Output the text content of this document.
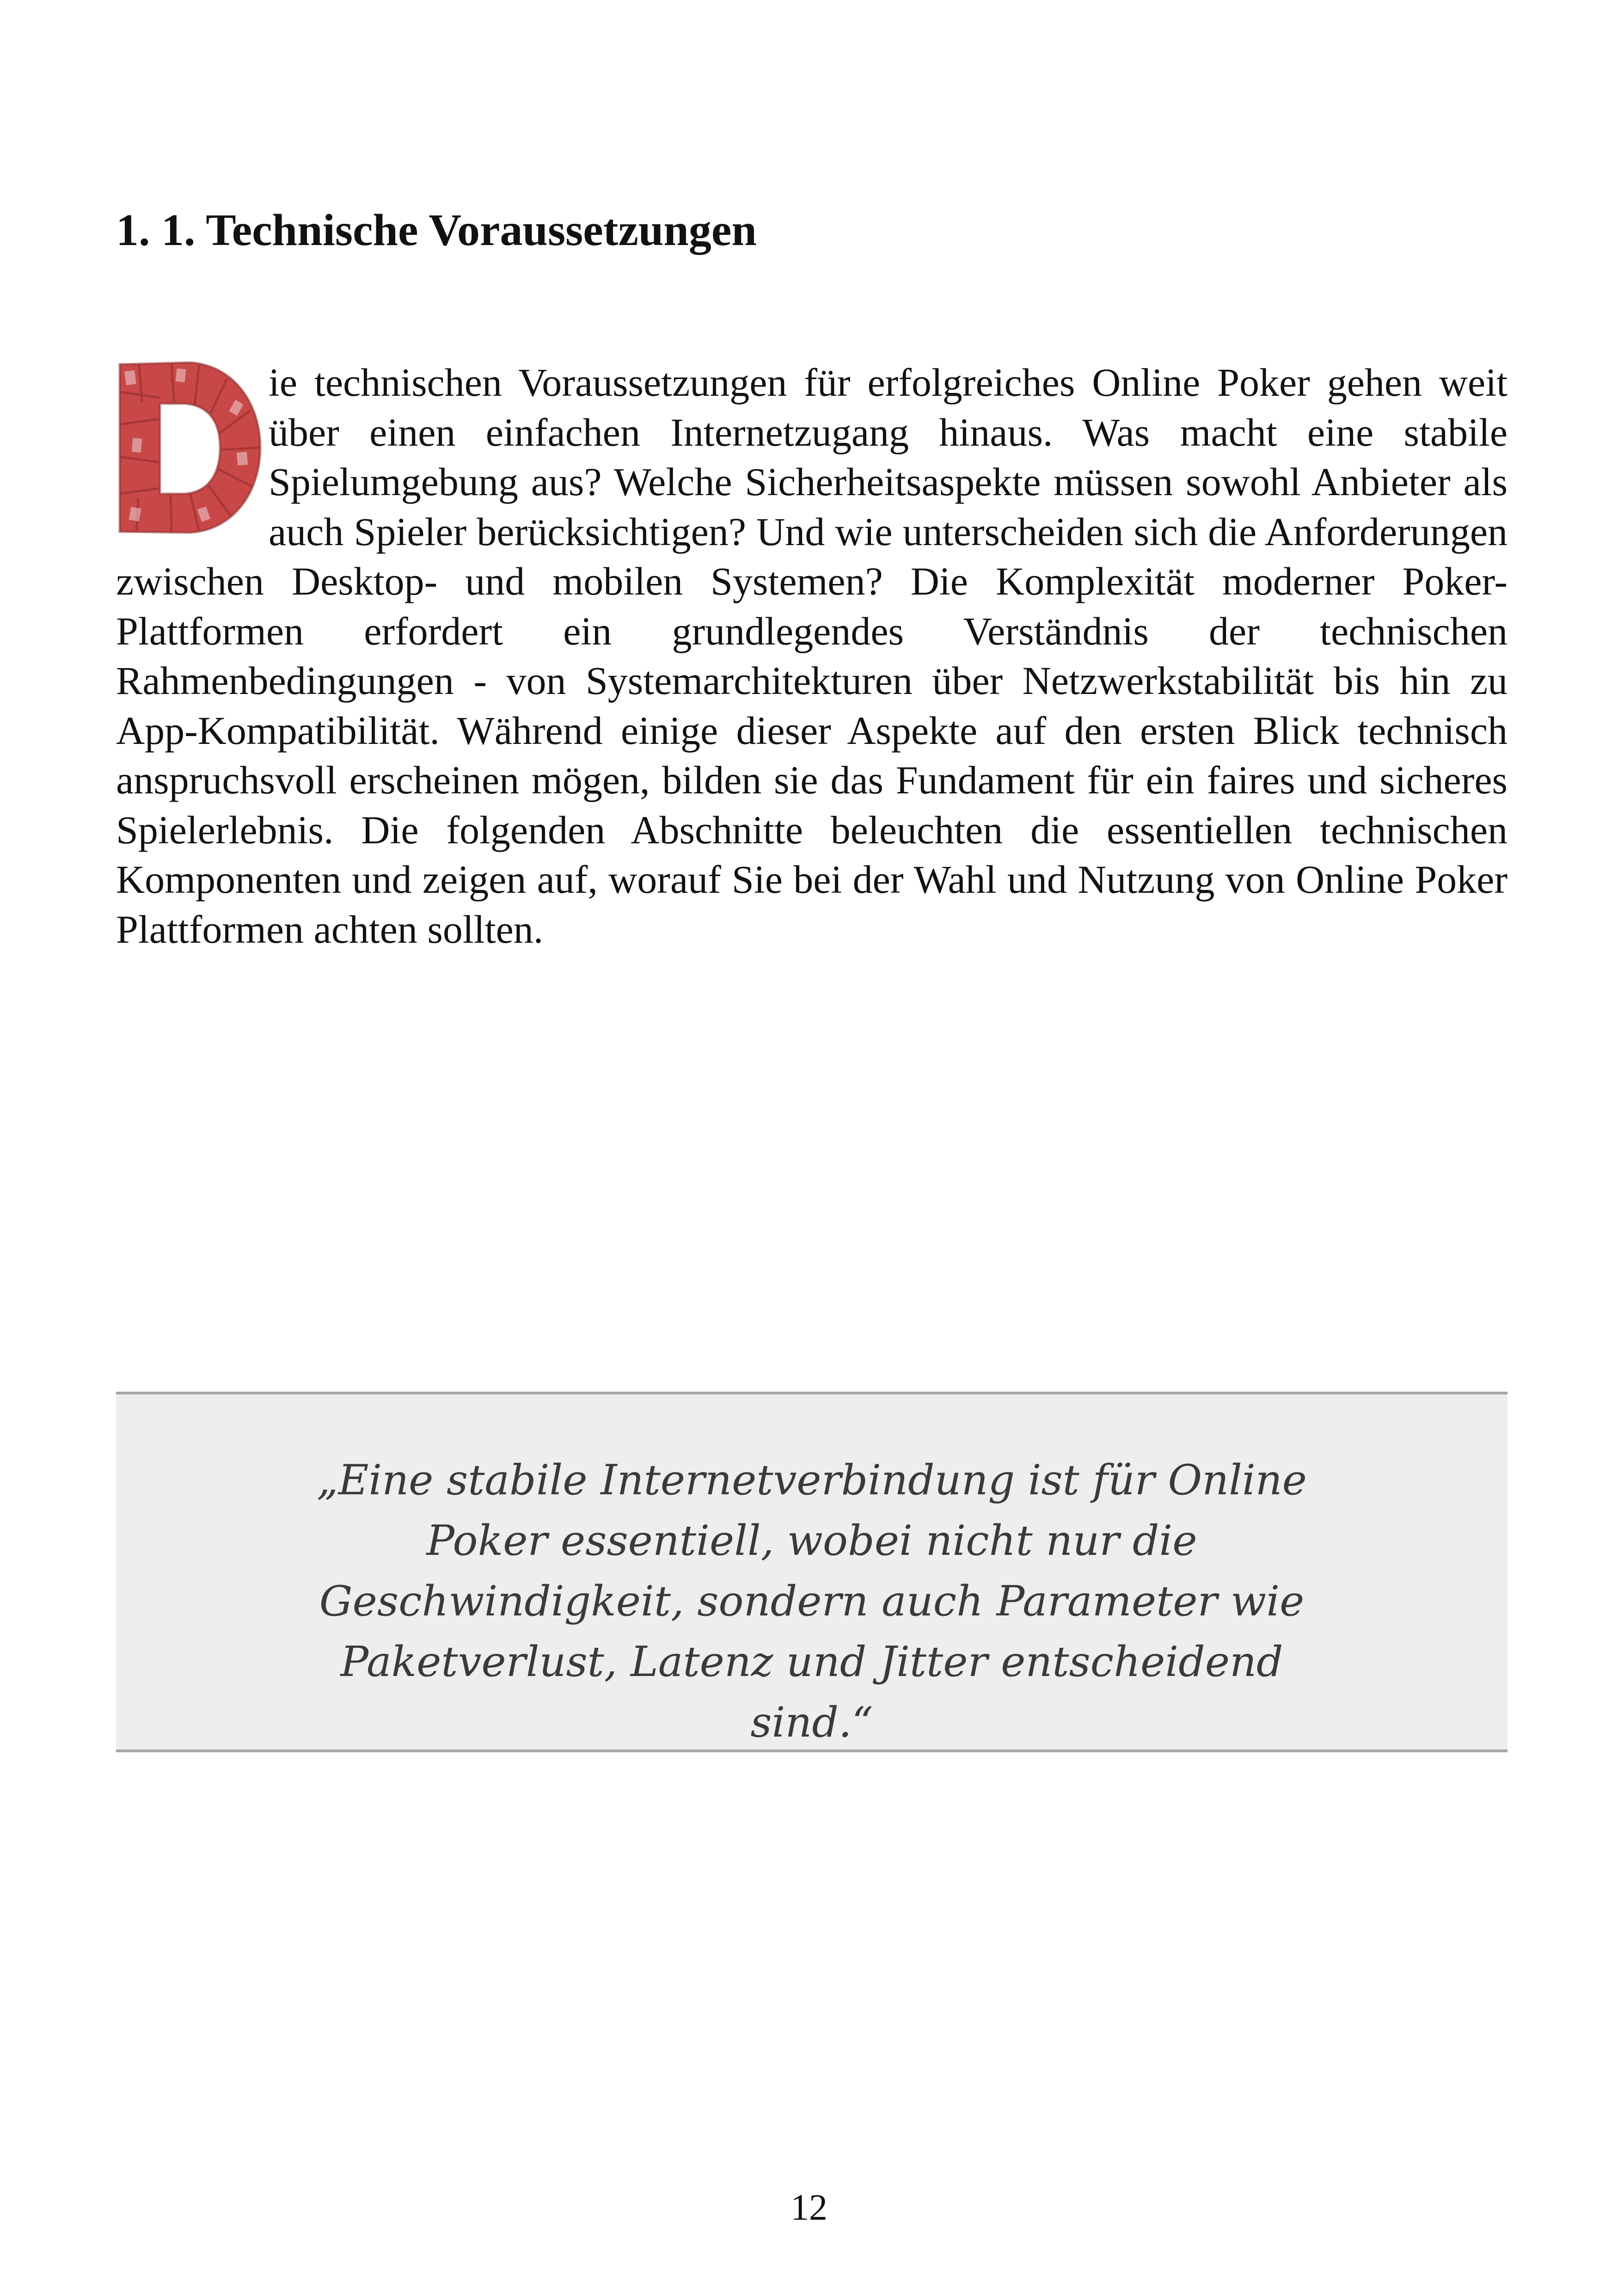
1. 1. Technische Voraussetzungen

ie technischen Voraussetzungen für erfolgreiches Online Poker gehen weit über einen einfachen Internetzugang hinaus. Was macht eine stabile Spielumgebung aus? Welche Sicherheitsaspekte müssen sowohl Anbieter als auch Spieler berücksichtigen? Und wie unterscheiden sich die Anforderungen zwischen Desktop- und mobilen Systemen? Die Komplexität moderner Poker-Plattformen erfordert ein grundlegendes Verständnis der technischen Rahmenbedingungen - von Systemarchitekturen über Netzwerkstabilität bis hin zu App-Kompatibilität. Während einige dieser Aspekte auf den ersten Blick technisch anspruchsvoll erscheinen mögen, bilden sie das Fundament für ein faires und sicheres Spielerlebnis. Die folgenden Abschnitte beleuchten die essentiellen technischen Komponenten und zeigen auf, worauf Sie bei der Wahl und Nutzung von Online Poker Plattformen achten sollten.

„Eine stabile Internetverbindung ist für Online Poker essentiell, wobei nicht nur die Geschwindigkeit, sondern auch Parameter wie Paketverlust, Latenz und Jitter entscheidend sind.“

12
